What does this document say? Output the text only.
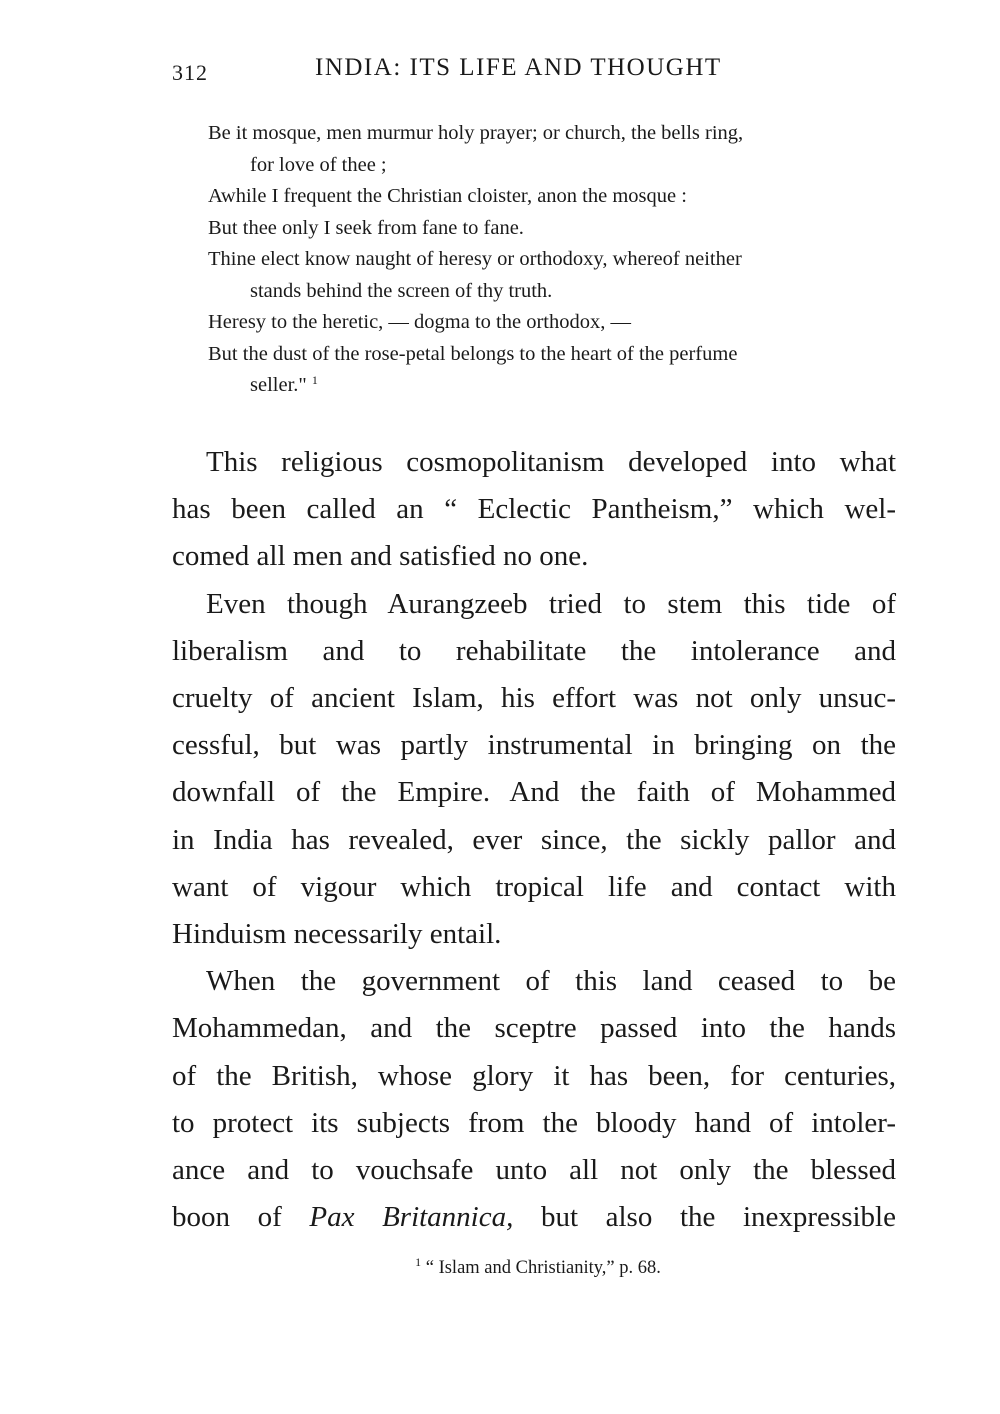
312	INDIA: ITS LIFE AND THOUGHT
Be it mosque, men murmur holy prayer; or church, the bells ring,
for love of thee ;
Awhile I frequent the Christian cloister, anon the mosque :
But thee only I seek from fane to fane.
Thine elect know naught of heresy or orthodoxy, whereof neither
stands behind the screen of thy truth.
Heresy to the heretic, — dogma to the orthodox, —
But the dust of the rose-petal belongs to the heart of the perfume
seller." $^1$
This religious cosmopolitanism developed into what
has been called an “ Eclectic Pantheism,” which wel-
comed all men and satisfied no one.
Even though Aurangzeeb tried to stem this tide of
liberalism and to rehabilitate the intolerance and
cruelty of ancient Islam, his effort was not only unsuc-
cessful, but was partly instrumental in bringing on the
downfall of the Empire. And the faith of Mohammed
in India has revealed, ever since, the sickly pallor and
want of vigour which tropical life and contact with
Hinduism necessarily entail.
When the government of this land ceased to be
Mohammedan, and the sceptre passed into the hands
of the British, whose glory it has been, for centuries,
to protect its subjects from the bloody hand of intoler-
ance and to vouchsafe unto all not only the blessed
boon of Pax Britannica, but also the inexpressible
$^1$ “ Islam and Christianity,” p. 68.
